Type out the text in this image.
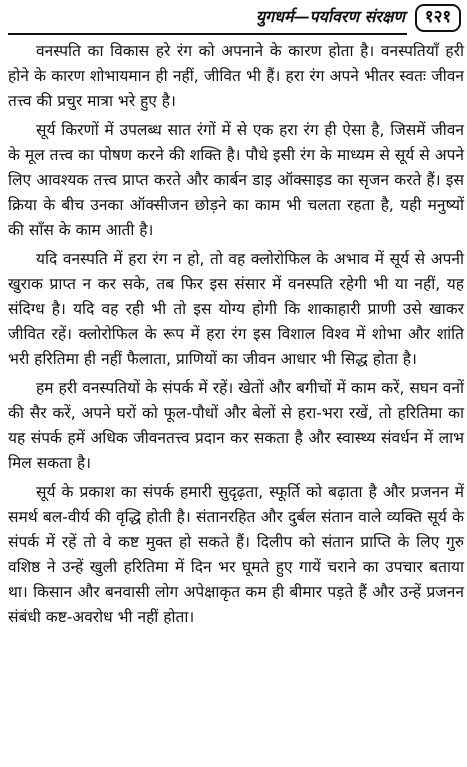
युगधर्म—पर्यावरण संरक्षण	१२१

वनस्पति का विकास हरे रंग को अपनाने के कारण होता है। वनस्पतियाँ हरी होने के कारण शोभायमान ही नहीं, जीवित भी हैं। हरा रंग अपने भीतर स्वतः जीवन तत्त्व की प्रचुर मात्रा भरे हुए है।

सूर्य किरणों में उपलब्ध सात रंगों में से एक हरा रंग ही ऐसा है, जिसमें जीवन के मूल तत्त्व का पोषण करने की शक्ति है। पौधे इसी रंग के माध्यम से सूर्य से अपने लिए आवश्यक तत्त्व प्राप्त करते और कार्बन डाइ ऑक्साइड का सृजन करते हैं। इस क्रिया के बीच उनका ऑक्सीजन छोड़ने का काम भी चलता रहता है, यही मनुष्यों की साँस के काम आती है।

यदि वनस्पति में हरा रंग न हो, तो वह क्लोरोफिल के अभाव में सूर्य से अपनी खुराक प्राप्त न कर सके, तब फिर इस संसार में वनस्पति रहेगी भी या नहीं, यह संदिग्ध है। यदि वह रही भी तो इस योग्य होगी कि शाकाहारी प्राणी उसे खाकर जीवित रहें। क्लोरोफिल के रूप में हरा रंग इस विशाल विश्व में शोभा और शांति भरी हरितिमा ही नहीं फैलाता, प्राणियों का जीवन आधार भी सिद्ध होता है।

हम हरी वनस्पतियों के संपर्क में रहें। खेतों और बगीचों में काम करें, सघन वनों की सैर करें, अपने घरों को फूल-पौधों और बेलों से हरा-भरा रखें, तो हरितिमा का यह संपर्क हमें अधिक जीवनतत्त्व प्रदान कर सकता है और स्वास्थ्य संवर्धन में लाभ मिल सकता है।

सूर्य के प्रकाश का संपर्क हमारी सुदृढ़ता, स्फूर्ति को बढ़ाता है और प्रजनन में समर्थ बल-वीर्य की वृद्धि होती है। संतानरहित और दुर्बल संतान वाले व्यक्ति सूर्य के संपर्क में रहें तो वे कष्ट मुक्त हो सकते हैं। दिलीप को संतान प्राप्ति के लिए गुरु वशिष्ठ ने उन्हें खुली हरितिमा में दिन भर घूमते हुए गायें चराने का उपचार बताया था। किसान और बनवासी लोग अपेक्षाकृत कम ही बीमार पड़ते हैं और उन्हें प्रजनन संबंधी कष्ट-अवरोध भी नहीं होता।
